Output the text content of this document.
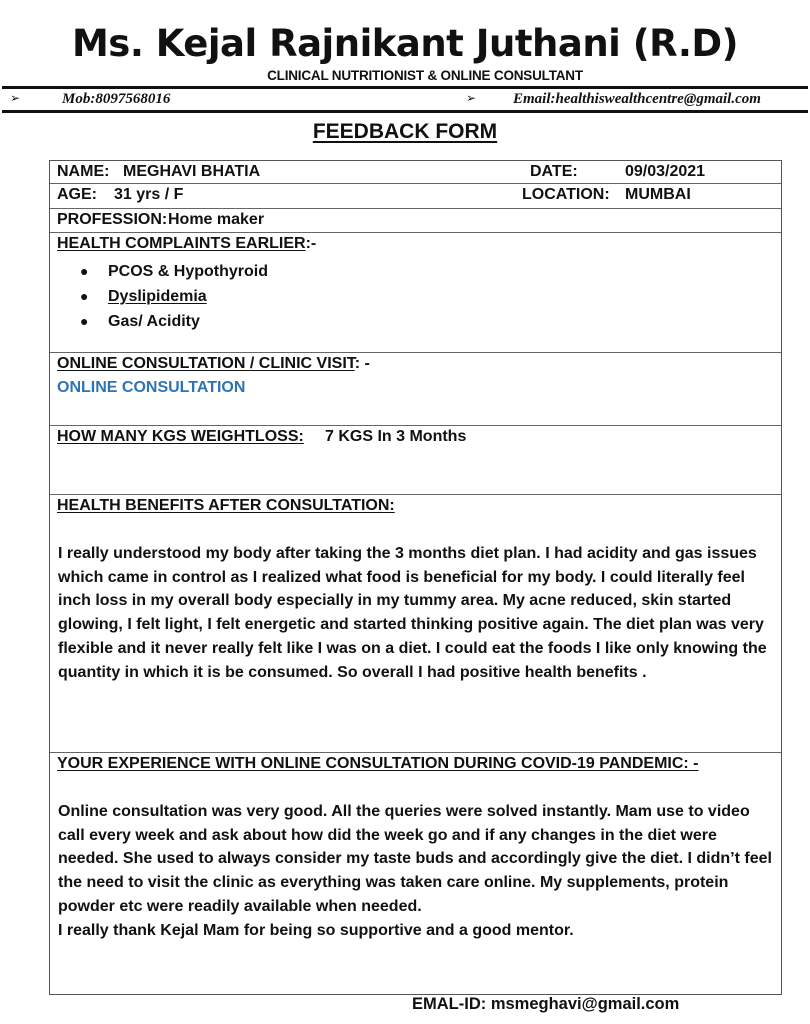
Ms. Kejal Rajnikant Juthani (R.D)
CLINICAL NUTRITIONIST & ONLINE CONSULTANT
➢	Mob:8097568016	➢ Email:healthiswealthcentre@gmail.com
FEEDBACK FORM
NAME: MEGHAVI BHATIA	DATE:	09/03/2021
AGE: 31 yrs / F	LOCATION: MUMBAI
PROFESSION: Home maker
HEALTH COMPLAINTS EARLIER:-
● PCOS & Hypothyroid
● Dyslipidemia
● Gas/ Acidity
ONLINE CONSULTATION / CLINIC VISIT: -
ONLINE CONSULTATION
HOW MANY KGS WEIGHTLOSS: 7 KGS In 3 Months
HEALTH BENEFITS AFTER CONSULTATION:
I really understood my body after taking the 3 months diet plan. I had acidity and gas issues which came in control as I realized what food is beneficial for my body. I could literally feel inch loss in my overall body especially in my tummy area. My acne reduced, skin started glowing, I felt light, I felt energetic and started thinking positive again. The diet plan was very flexible and it never really felt like I was on a diet. I could eat the foods I like only knowing the quantity in which it is be consumed. So overall I had positive health benefits .
YOUR EXPERIENCE WITH ONLINE CONSULTATION DURING COVID-19 PANDEMIC: -
Online consultation was very good. All the queries were solved instantly. Mam use to video call every week and ask about how did the week go and if any changes in the diet were needed. She used to always consider my taste buds and accordingly give the diet. I didn’t feel the need to visit the clinic as everything was taken care online. My supplements, protein powder etc were readily available when needed.
I really thank Kejal Mam for being so supportive and a good mentor.
EMAL-ID: msmeghavi@gmail.com
